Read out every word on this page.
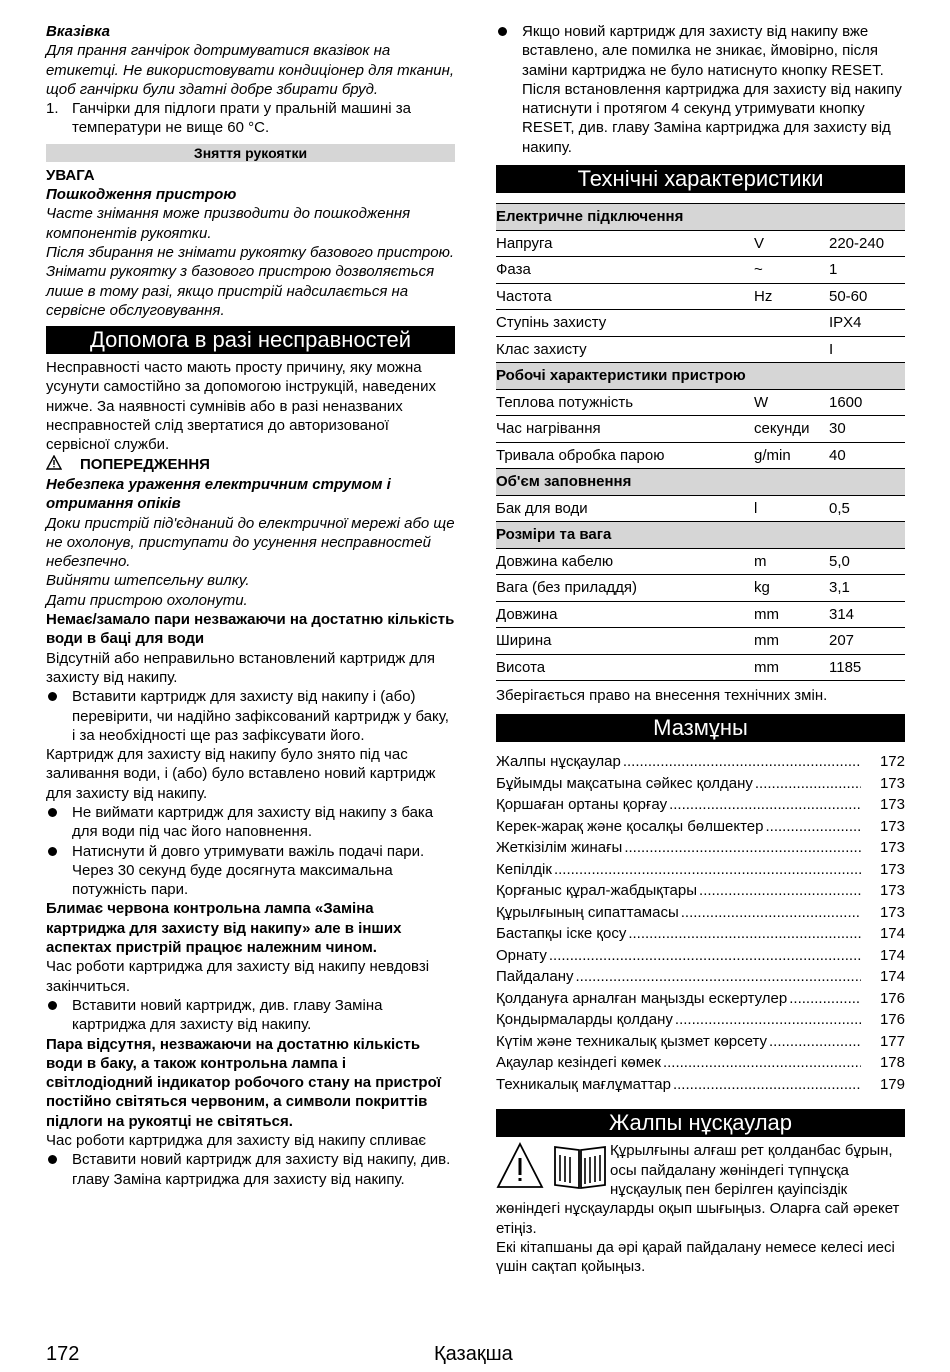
Вказівка

Для прання ганчірок дотримуватися вказівок на етикетці. Не використовувати кондиціонер для тканин, щоб ганчірки були здатні добре збирати бруд.

1. Ганчірки для підлоги прати у пральній машині за температури не вище 60 °C.
Зняття рукоятки

УВАГА

Пошкодження пристрою

Часте знімання може призводити до пошкодження компонентів рукоятки.

Після збирання не знімати рукоятку базового пристрою.

Знімати рукоятку з базового пристрою дозволяється лише в тому разі, якщо пристрій надсилається на сервісне обслуговування.

Допомога в разі несправностей

Несправності часто мають просту причину, яку можна усунути самостійно за допомогою інструкцій, наведених нижче. За наявності сумнівів або в разі неназваних несправностей слід звертатися до авторизованої сервісної служби.

ПОПЕРЕДЖЕННЯ

Небезпека ураження електричним струмом і отримання опіків

Доки пристрій під'єднаний до електричної мережі або ще не охолонув, приступати до усунення несправностей небезпечно.

Вийняти штепсельну вилку.

Дати пристрою охолонути.

Немає/замало пари незважаючи на достатню кількість води в баці для води

Відсутній або неправильно встановлений картридж для захисту від накипу.

Вставити картридж для захисту від накипу і (або) перевірити, чи надійно зафіксований картридж у баку, і за необхідності ще раз зафіксувати його.

Картридж для захисту від накипу було знято під час заливання води, і (або) було вставлено новий картридж для захисту від накипу.

Не виймати картридж для захисту від накипу з бака для води під час його наповнення.
Натиснути й довго утримувати важіль подачі пари.

Через 30 секунд буде досягнута максимальна потужність пари.

Блимає червона контрольна лампа «Заміна картриджа для захисту від накипу» але в інших аспектах пристрій працює належним чином.

Час роботи картриджа для захисту від накипу невдовзі закінчиться.

Вставити новий картридж, див. главу Заміна картриджа для захисту від накипу.

Пара відсутня, незважаючи на достатню кількість води в баку, а також контрольна лампа і світлодіодний індикатор робочого стану на пристрої постійно світяться червоним, а символи покриттів підлоги на рукоятці не світяться.

Час роботи картриджа для захисту від накипу спливає

Вставити новий картридж для захисту від накипу, див. главу Заміна картриджа для захисту від накипу.
Якщо новий картридж для захисту від накипу вже вставлено, але помилка не зникає, ймовірно, після заміни картриджа не було натиснуто кнопку RESET. Після встановлення картриджа для захисту від накипу натиснути і протягом 4 секунд утримувати кнопку RESET, див. главу Заміна картриджа для захисту від накипу.
Технічні характеристики
Електричне підключення		
Напруга	V	220-240
Фаза	~	1
Частота	Hz	50-60
Ступінь захисту		IPX4
Клас захисту		I
Робочі характеристики пристрою		
Теплова потужність	W	1600
Час нагрівання	секунди	30
Тривала обробка парою	g/min	40
Об'єм заповнення		
Бак для води	l	0,5
Розміри та вага		
Довжина кабелю	m	5,0
Вага (без приладдя)	kg	3,1
Довжина	mm	314
Ширина	mm	207
Висота	mm	1185

Зберігається право на внесення технічних змін.

Мазмұны
Жалпы нұсқаулар .....	172
Бұйымды мақсатына сәйкес қолдану .....	173
Қоршаған ортаны қорғау .....	173
Керек-жарақ және қосалқы бөлшектер .....	173
Жеткізілім жинағы .....	173
Кепілдік .....	173
Қорғаныс құрал-жабдықтары .....	173
Құрылғының сипаттамасы .....	173
Бастапқы іске қосу .....	174
Орнату .....	174
Пайдалану .....	174
Қолдануға арналған маңызды ескертулер .....	176
Қондырмаларды қолдану .....	176
Күтім және техникалық қызмет көрсету .....	177
Ақаулар кезіндегі көмек .....	178
Техникалық мағлұматтар .....	179
Жалпы нұсқаулар

Құрылғыны алғаш рет қолданбас бұрын, осы пайдалану жөніндегі түпнұсқа нұсқаулық пен берілген қауіпсіздік жөніндегі нұсқауларды оқып шығыңыз. Оларға сай әрекет етіңіз.

Екі кітапшаны да әрі қарай пайдалану немесе келесі иесі үшін сақтап қойыңыз.

172	Қазақша
